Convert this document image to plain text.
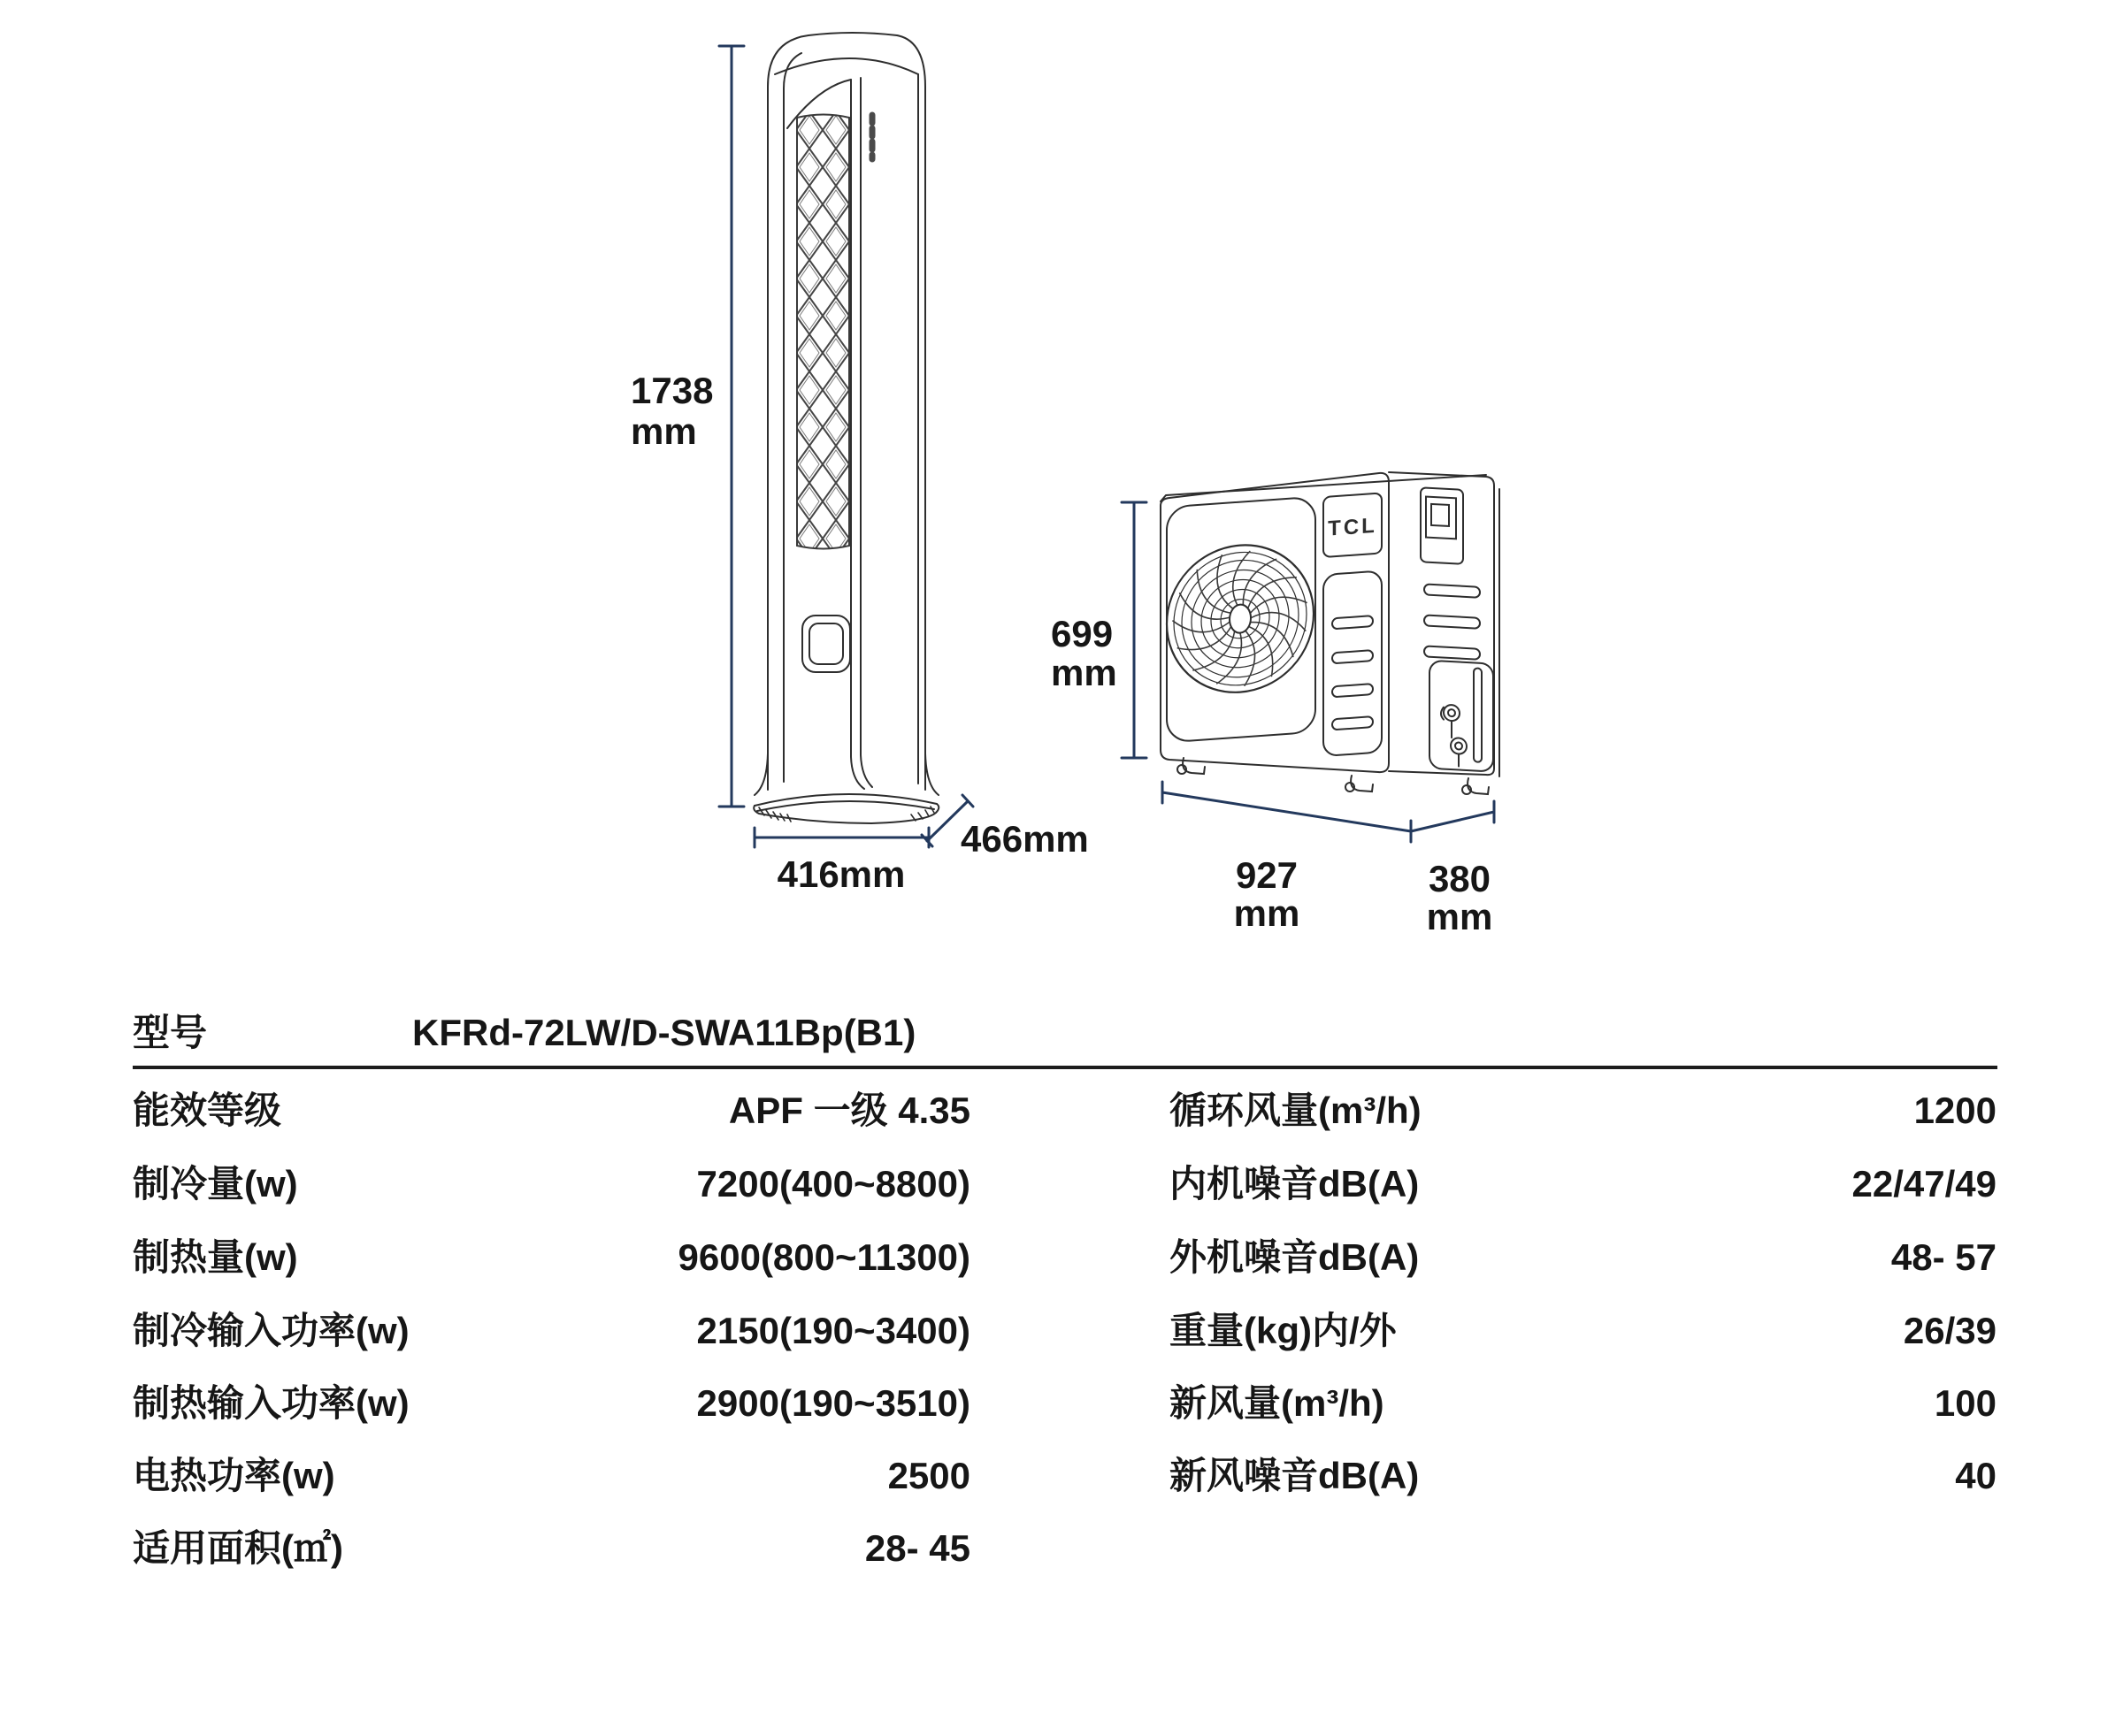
TCL
1738
mm
416mm
466mm
699
mm
927
mm
380
mm
型号	KFRd-72LW/D-SWA11Bp(B1)
能效等级	APF 一级 4.35	循环风量(m³/h)	1200
制冷量(w)	7200(400~8800)	内机噪音dB(A)	22/47/49
制热量(w)	9600(800~11300)	外机噪音dB(A)	48- 57
制冷输入功率(w)	2150(190~3400)	重量(kg)内/外	26/39
制热输入功率(w)	2900(190~3510)	新风量(m³/h)	100
电热功率(w)	2500	新风噪音dB(A)	40
适用面积(㎡)	28- 45
